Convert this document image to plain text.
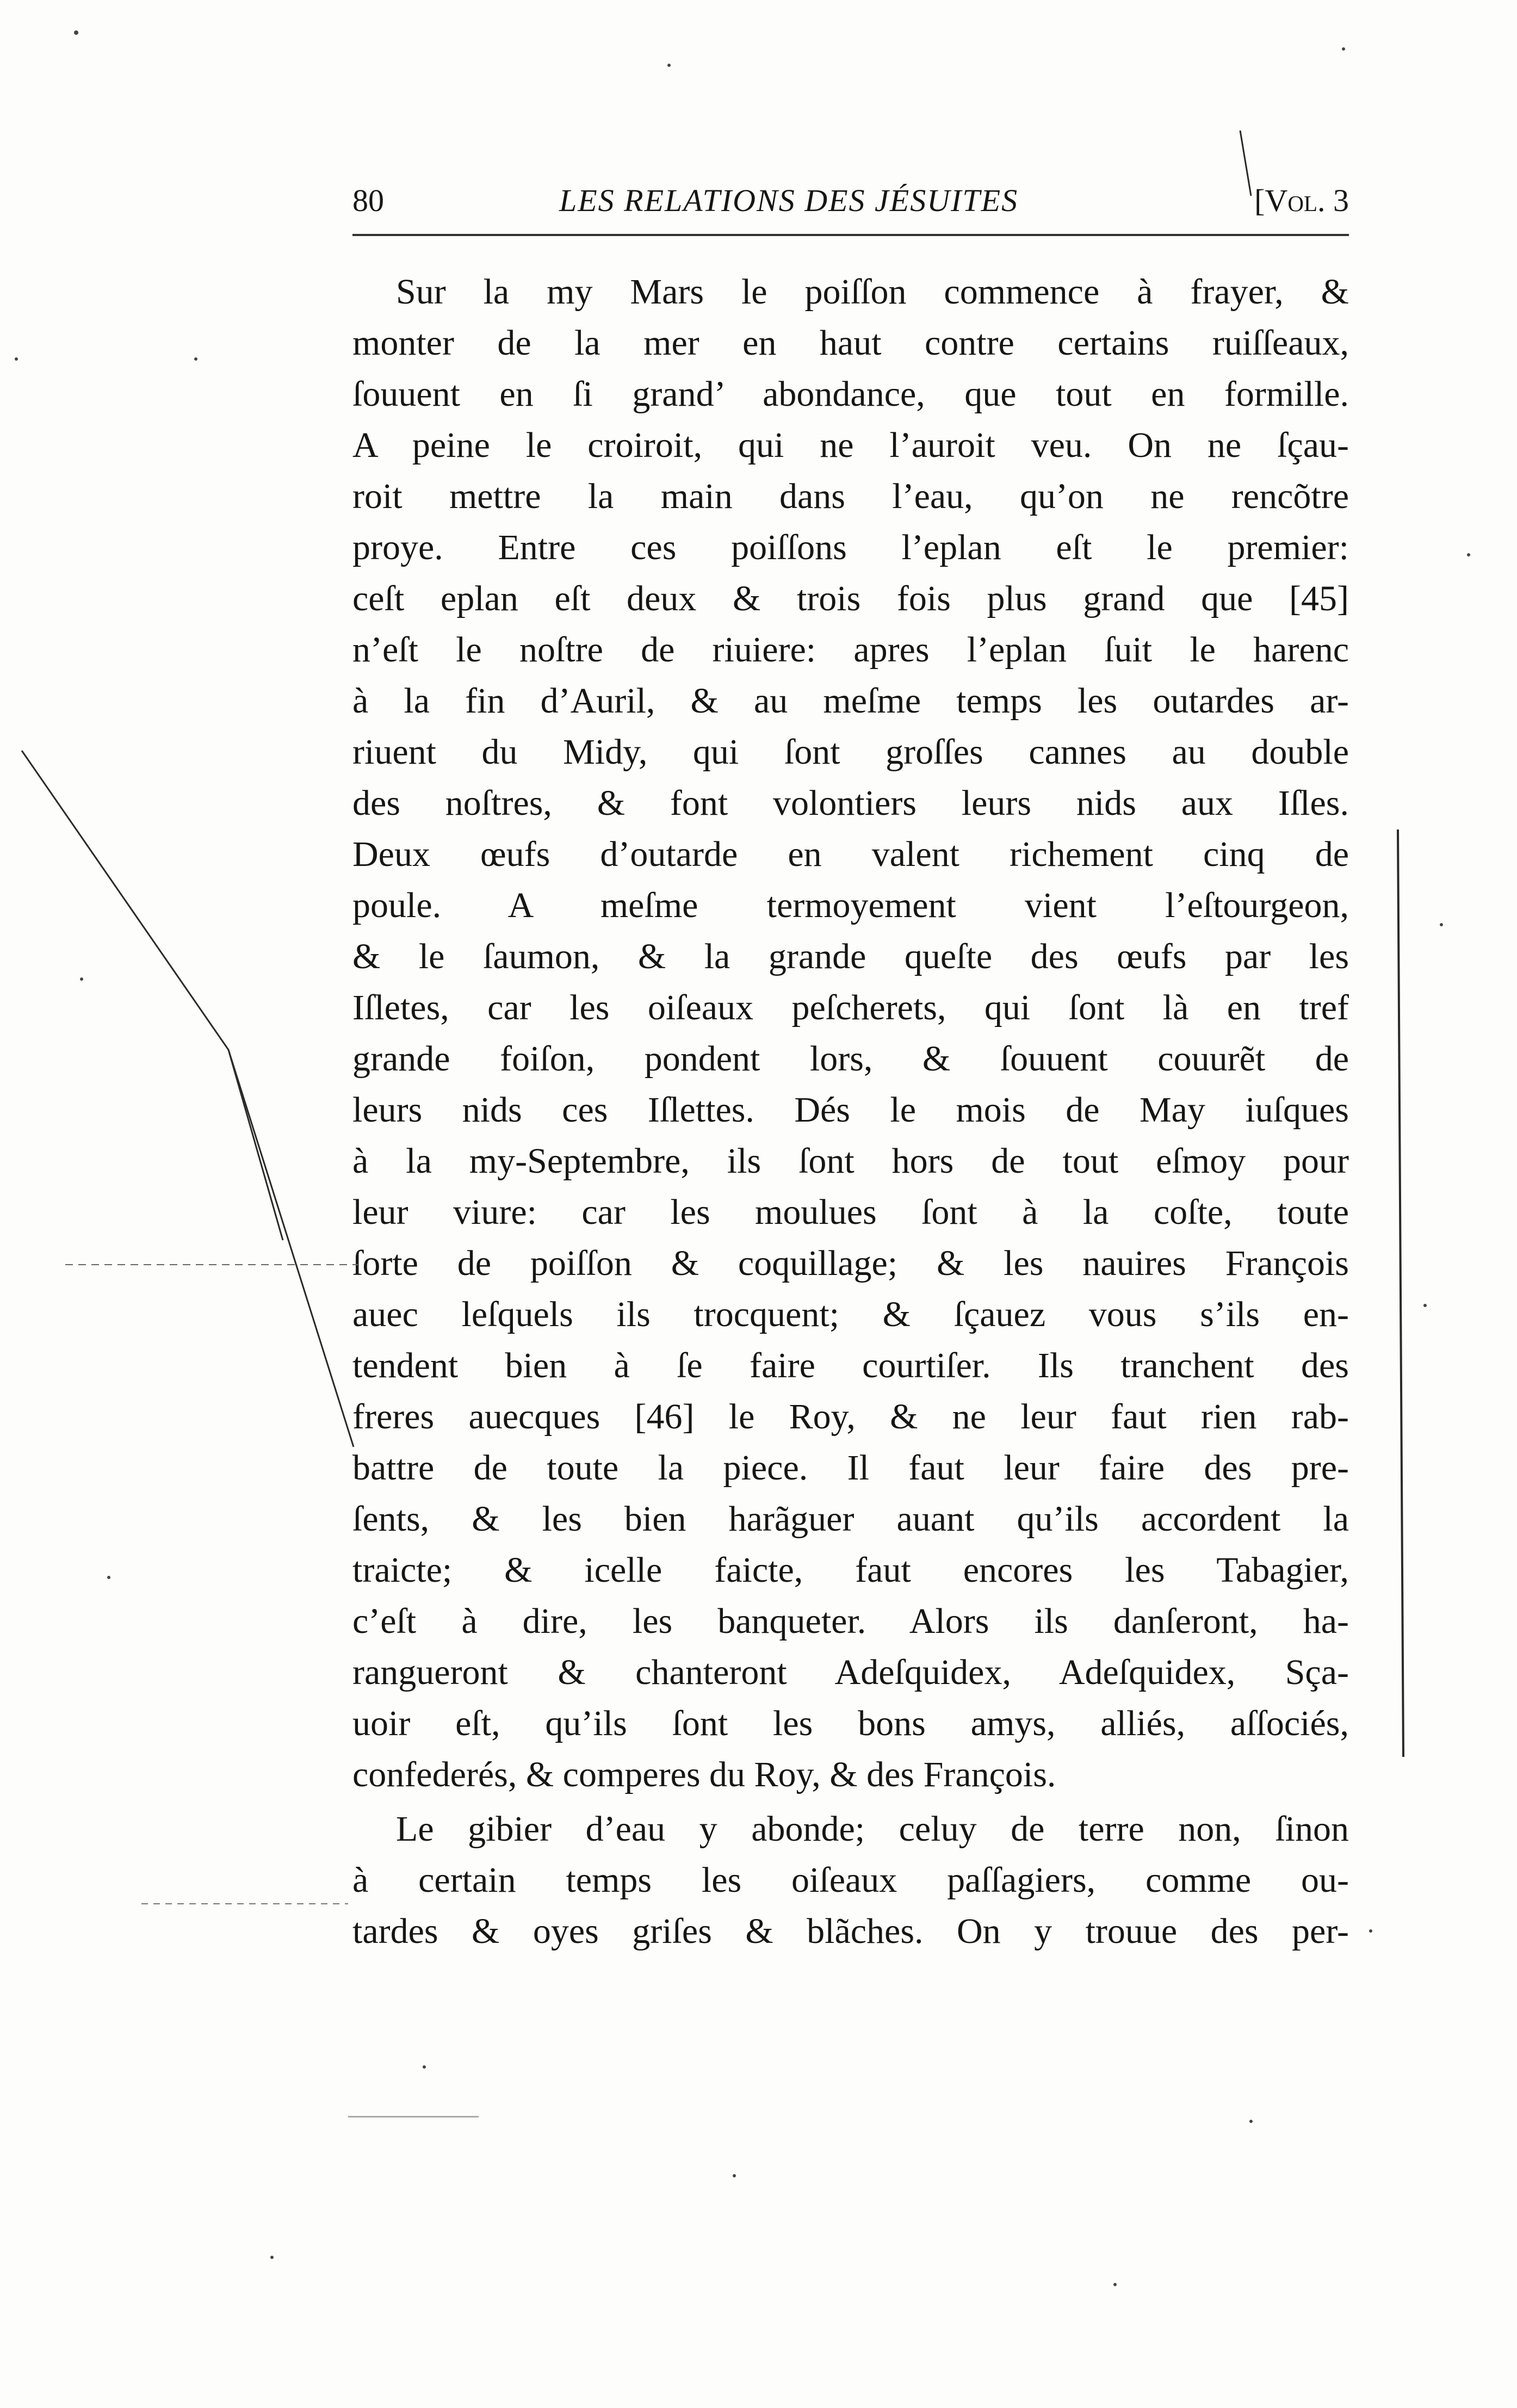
80	LES RELATIONS DES JÉSUITES	[Vol. 3
Sur la my Mars le poiſſon commence à frayer, &
monter de la mer en haut contre certains ruiſſeaux,
ſouuent en ſi grand’ abondance, que tout en formille.
A peine le croiroit, qui ne l’auroit veu. On ne ſçau-
roit mettre la main dans l’eau, qu’on ne rencõtre
proye. Entre ces poiſſons l’eplan eſt le premier:
ceſt eplan eſt deux & trois fois plus grand que [45]
n’eſt le noſtre de riuiere: apres l’eplan ſuit le harenc
à la fin d’Auril, & au meſme temps les outardes ar-
riuent du Midy, qui ſont groſſes cannes au double
des noſtres, & font volontiers leurs nids aux Iſles.
Deux œufs d’outarde en valent richement cinq de
poule. A meſme termoyement vient l’eſtourgeon,
& le ſaumon, & la grande queſte des œufs par les
Iſletes, car les oiſeaux peſcherets, qui ſont là en tref
grande foiſon, pondent lors, & ſouuent couurẽt de
leurs nids ces Iſlettes. Dés le mois de May iuſques
à la my-Septembre, ils ſont hors de tout eſmoy pour
leur viure: car les moulues ſont à la coſte, toute
ſorte de poiſſon & coquillage; & les nauires François
auec leſquels ils trocquent; & ſçauez vous s’ils en-
tendent bien à ſe faire courtiſer. Ils tranchent des
freres auecques [46] le Roy, & ne leur faut rien rab-
battre de toute la piece. Il faut leur faire des pre-
ſents, & les bien harãguer auant qu’ils accordent la
traicte; & icelle faicte, faut encores les Tabagier,
c’eſt à dire, les banqueter. Alors ils danſeront, ha-
rangueront & chanteront Adeſquidex, Adeſquidex, Sça-
uoir eſt, qu’ils ſont les bons amys, alliés, aſſociés,
confederés, & comperes du Roy, & des François.
Le gibier d’eau y abonde; celuy de terre non, ſinon
à certain temps les oiſeaux paſſagiers, comme ou-
tardes & oyes griſes & blãches. On y trouue des per-
